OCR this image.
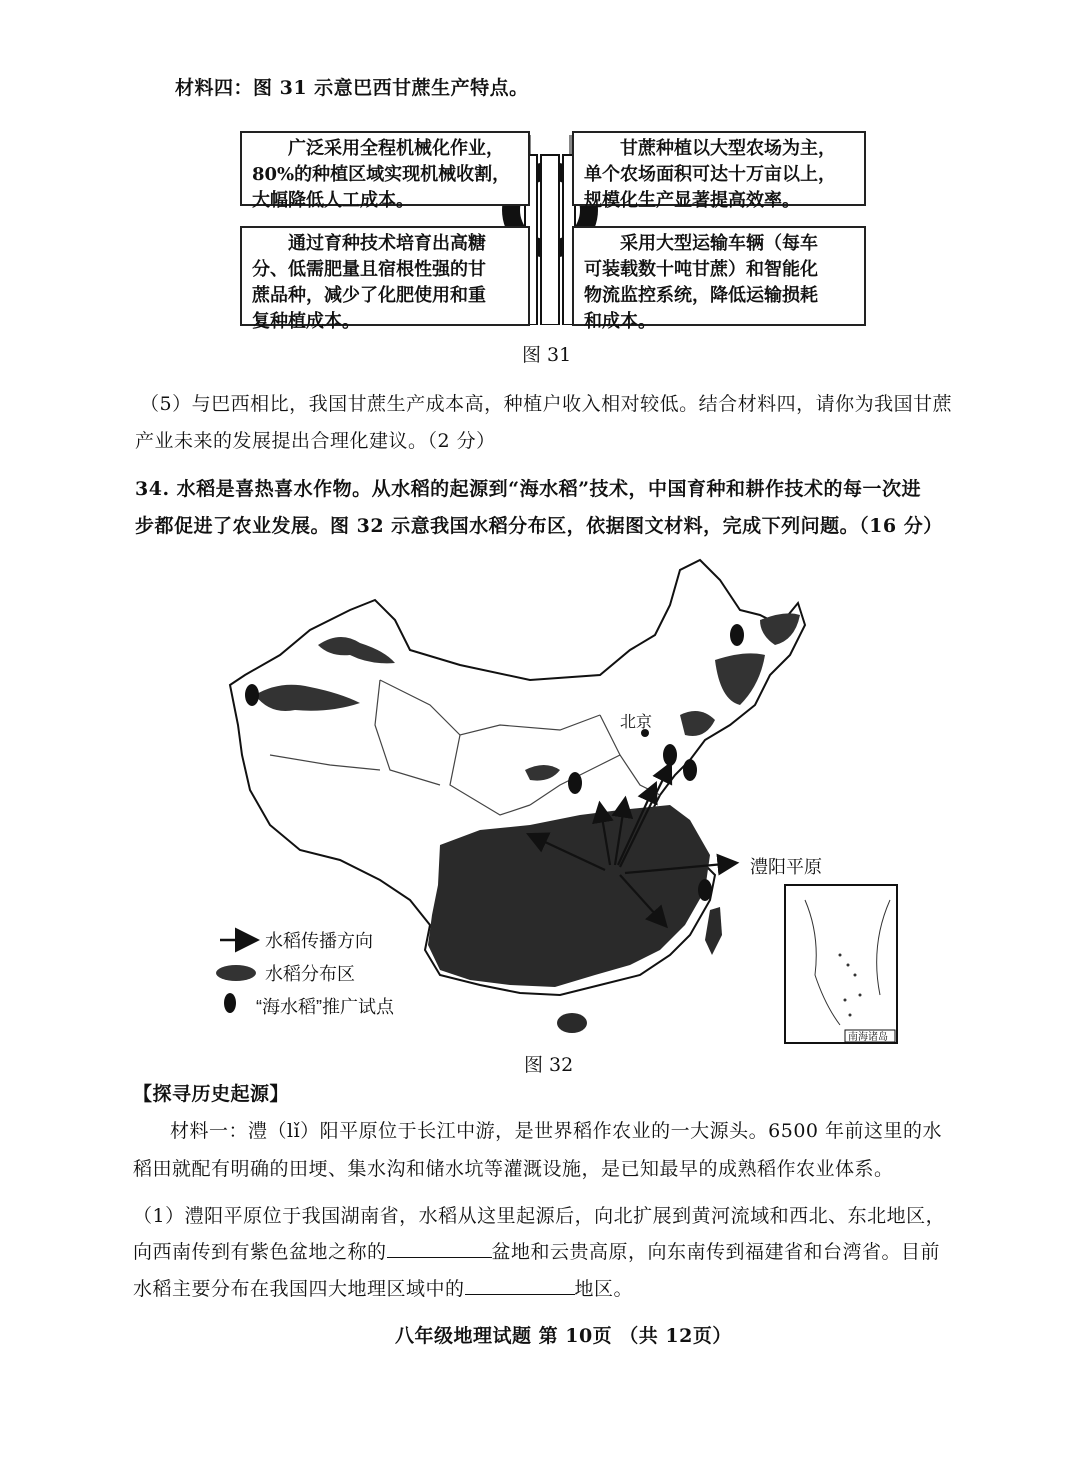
材料四：图 31 示意巴西甘蔗生产特点。
广泛采用全程机械化作业，
80%的种植区域实现机械收割，
大幅降低人工成本。
甘蔗种植以大型农场为主，
单个农场面积可达十万亩以上，
规模化生产显著提高效率。
通过育种技术培育出高糖
分、低需肥量且宿根性强的甘
蔗品种，减少了化肥使用和重
复种植成本。
采用大型运输车辆（每车
可装载数十吨甘蔗）和智能化
物流监控系统，降低运输损耗
和成本。
图 31
（5）与巴西相比，我国甘蔗生产成本高，种植户收入相对较低。结合材料四，请你为我国甘蔗
产业未来的发展提出合理化建议。（2 分）
34. 水稻是喜热喜水作物。从水稻的起源到“海水稻”技术，中国育种和耕作技术的每一次进
步都促进了农业发展。图 32 示意我国水稻分布区，依据图文材料，完成下列问题。（16 分）
北京
澧阳平原
南海诸岛
水稻传播方向
水稻分布区
“海水稻”推广试点
图 32
【探寻历史起源】
材料一：澧（lǐ）阳平原位于长江中游，是世界稻作农业的一大源头。6500 年前这里的水
稻田就配有明确的田埂、集水沟和储水坑等灌溉设施，是已知最早的成熟稻作农业体系。
（1）澧阳平原位于我国湖南省，水稻从这里起源后，向北扩展到黄河流域和西北、东北地区，
向西南传到有紫色盆地之称的	盆地和云贵高原，向东南传到福建省和台湾省。目前
水稻主要分布在我国四大地理区域中的	地区。
八年级地理试题 第 10页 （共 12页）
